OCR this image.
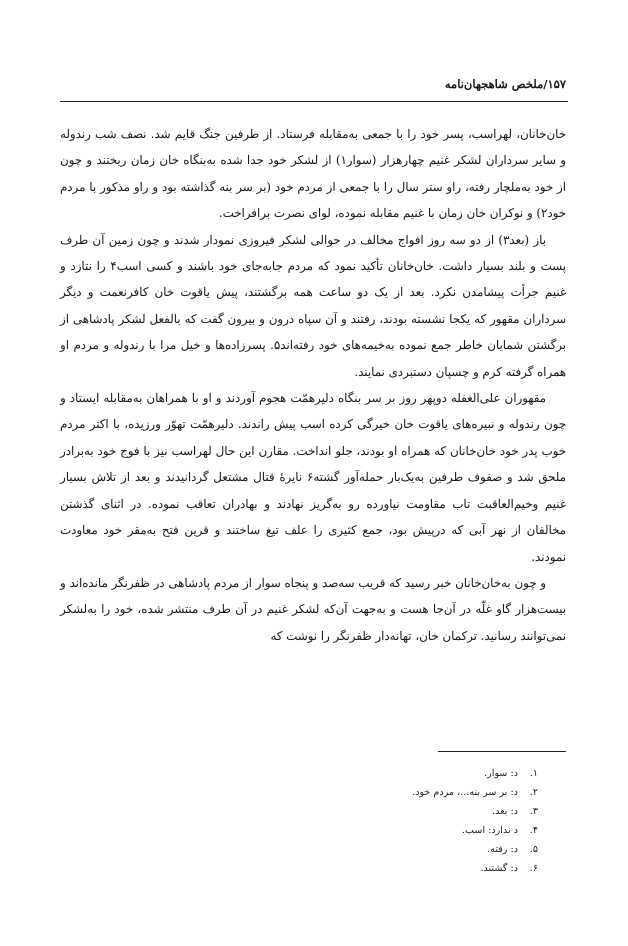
۱۵۷/ملخص شاهجهان‌نامه

خان‌خانان، لهراسب، پسر خود را با جمعی به‌مقابله فرستاد. از طرفین جنگ قایم شد. نصف شب رندوله و سایر سرداران لشکر غنیم چهارهزار (سوار۱) از لشکر خود جدا شده به‌بنگاه خان زمان ریختند و چون از خود به‌ملچار رفته، راو ستر سال را با جمعی از مردم خود (بر سر بنه گذاشته بود و راو مذکور با مردم خود۲) و نوکران خان زمان با غنیم مقابله نموده، لوای نصرت برافراخت.

باز (بعد۳) از دو سه روز افواج مخالف در حوالی لشکر فیروزی نمودار شدند و چون زمین آن طرف پست و بلند بسیار داشت. خان‌خانان تأکید نمود که مردم جابه‌جای خود باشند و کسی اسب۴ را نتازد و غنیم جرأت پیشامدن نکرد. بعد از یک دو ساعت همه برگشتند، پیش یاقوت خان کافرنعمت و دیگر سرداران مقهور که یکجا نشسته بودند، رفتند و آن سپاه درون و بیرون گفت که بالفعل لشکر پادشاهی از برگشتن شمایان خاطر جمع نموده به‌خیمه‌های خود رفته‌اند۵. پسرزاده‌ها و خیل مرا با رندوله و مردم او همراه گرفته کرم و چسپان دستبردی نمایند.

مقهوران علی‌الغفله دوپهر روز بر سر بنگاه دلیرهمّت هجوم آوردند و او با همراهان به‌مقابله ایستاد و چون رندوله و نبیره‌های یاقوت خان خیرگی کرده اسب پیش راندند. دلیرهمّت تهوّر ورزیده، با اکثر مردم خوب پدر خود خان‌خانان که همراه او بودند، جلو انداخت. مقارن این حال لهراسب نیز با فوج خود به‌برادر ملحق شد و صفوف طرفین به‌یک‌بار حمله‌آور گشته۶ نایرهٔ قتال مشتعل گردانیدند و بعد از تلاش بسیار غنیم وخیم‌العاقبت تاب مقاومت نیاورده رو به‌گریز نهادند و بهادران تعاقب نموده. در اثنای گذشتن مخالفان از نهر آبی که درپیش بود، جمع کثیری را علف تیغ ساختند و قرین فتح به‌مقر خود معاودت نمودند.

و چون به‌خان‌خانان خبر رسید که قریب سه‌صد و پنجاه سوار از مردم پادشاهی در ظفرنگر مانده‌اند و بیست‌هزار گاو غلّه در آن‌جا هست و به‌جهت آن‌که لشکر غنیم در آن طرف منتشر شده، خود را به‌لشکر نمی‌توانند رسانید. ترکمان خان، تهانه‌دار ظفرنگر را نوشت که

۱.
د: سوار.
۲.
د: بر سر بنه...، مردم خود.
۳.
د: بعد.
۴.
د ندارد: اسب.
۵.
د: رفته.
۶.
د: گشتند.
